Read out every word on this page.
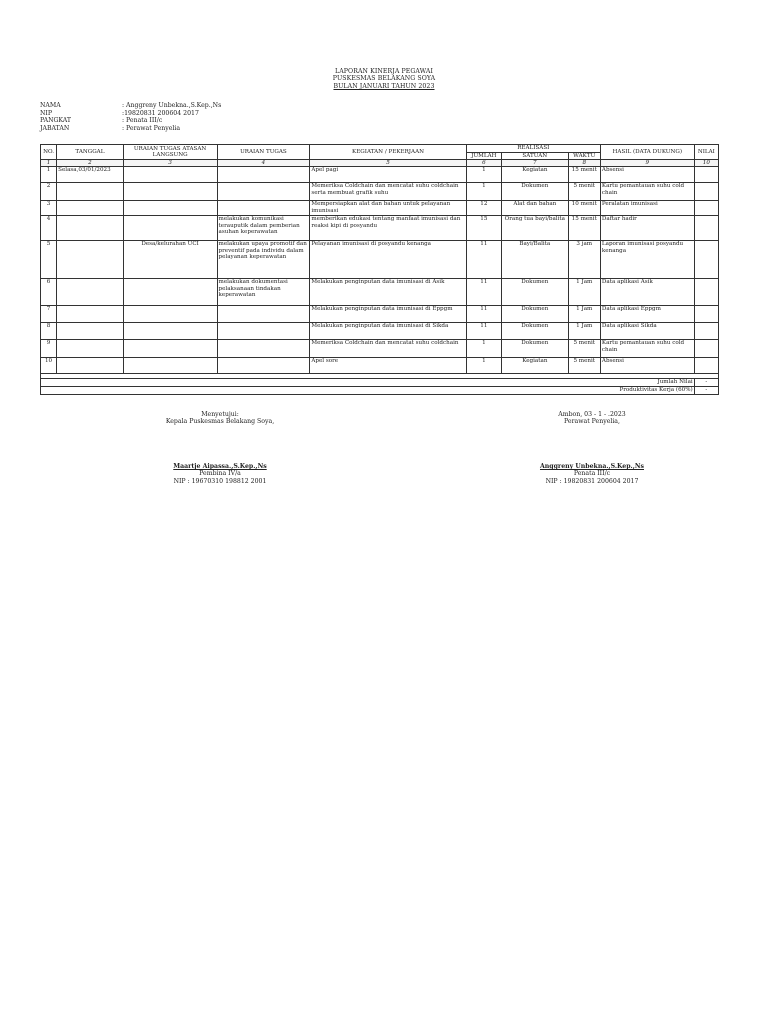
LAPORAN KINERJA PEGAWAI
PUSKESMAS BELAKANG SOYA
BULAN JANUARI TAHUN 2023
NAMA	: Anggreny Unbekna.,S.Kep.,Ns
NIP	:19820831 200604 2017
PANGKAT	: Penata III/c
JABATAN	: Perawat Penyelia
NO.	TANGGAL	URAIAN TUGAS ATASAN LANGSUNG	URAIAN TUGAS	KEGIATAN / PEKERJAAN	REALISASI			HASIL (DATA DUKUNG)	NILAI
					JUMLAH	SATUAN	WAKTU		
1	2	3	4	5	6	7	8	9	10
1	Selasa,03/01/2023			Apel pagi	1	Kegiatan	15 menit	Absensi	
2				Memeriksa Coldchain dan mencatat suhu coldchain serta membuat grafik suhu	1	Dokumen	5 menit	Kartu pemantauan suhu cold chain	
3				Mempersiapkan alat dan bahan untuk pelayanan imunisasi	12	Alat dan bahan	10 menit	Peralatan imunisasi	
4			melakukan komunikasi terauputik dalam pemberian asuhan keperawatan	memberikan edukasi tentang manfaat imunisasi dan reaksi kipi di posyandu	15	Orang tua bayi/balita	15 menit	Daftar hadir	
5		Desa/kelurahan UCI	melakukan upaya promotif dan preventif pada individu dalam pelayanan keperawatan	Pelayanan imunisasi di posyandu kenanga	11	Bayi/Balita	3 jam	Laporan imunisasi posyandu kenanga	
6			melakukan dokumentasi pelaksanaan tindakan keperawatan	Melakukan penginputan data imunisasi di Asik	11	Dokumen	1 Jam	Data aplikasi Asik	
7				Melakukan penginputan data imunisasi di Eppgm	11	Dokumen	1 Jam	Data aplikasi Eppgm	
8				Melakukan penginputan data imunisasi di Sikda	11	Dokumen	1 Jam	Data aplikasi Sikda	
9				Memeriksa Coldchain dan mencatat suhu coldchain	1	Dokumen	5 menit	Kartu pemantauan suhu cold chain	
10				Apel sore	1	Kegiatan	5 menit	Absensi	

Jumlah Nilai									-
Produktivitas Kerja (60%)									-
Menyetujui:
Kepala Puskesmas Belakang Soya,
Maartje Aipassa.,S.Kep.,Ns
Pembina IV/a
NIP : 19670310 198812 2001
Ambon, 03 - 1 - .2023
Perawat Penyelia,
Anggreny Unbekna.,S.Kep.,Ns
Penata III/c
NIP : 19820831 200604 2017
